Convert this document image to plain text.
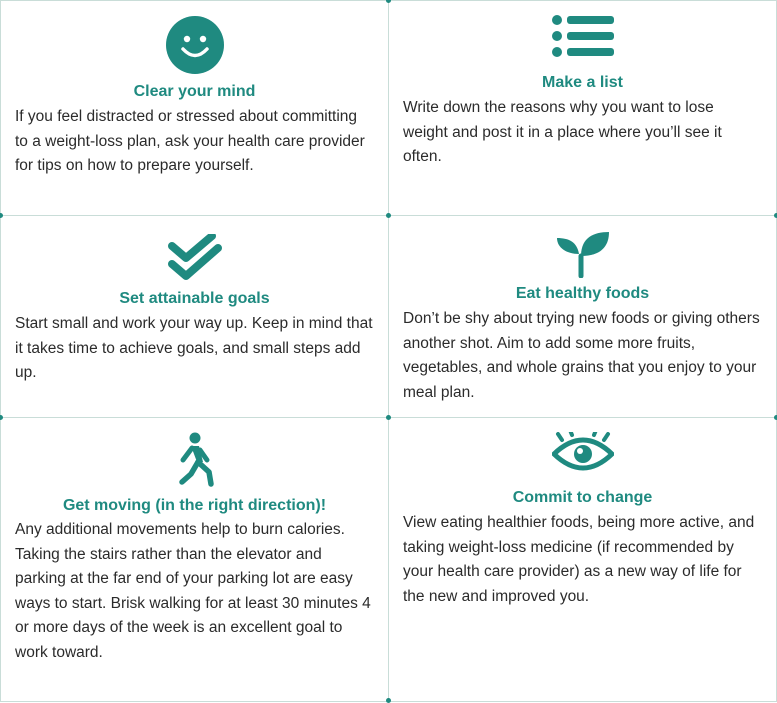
Clear your mind
If you feel distracted or stressed about committing to a weight-loss plan, ask your health care provider for tips on how to prepare yourself.
Make a list
Write down the reasons why you want to lose weight and post it in a place where you’ll see it often.
Set attainable goals
Start small and work your way up. Keep in mind that it takes time to achieve goals, and small steps add up.
Eat healthy foods
Don’t be shy about trying new foods or giving others another shot. Aim to add some more fruits, vegetables, and whole grains that you enjoy to your meal plan.
Get moving (in the right direction)!
Any additional movements help to burn calories. Taking the stairs rather than the elevator and parking at the far end of your parking lot are easy ways to start. Brisk walking for at least 30 minutes 4 or more days of the week is an excellent goal to work toward.
Commit to change
View eating healthier foods, being more active, and taking weight-loss medicine (if recommended by your health care provider) as a new way of life for the new and improved you.
